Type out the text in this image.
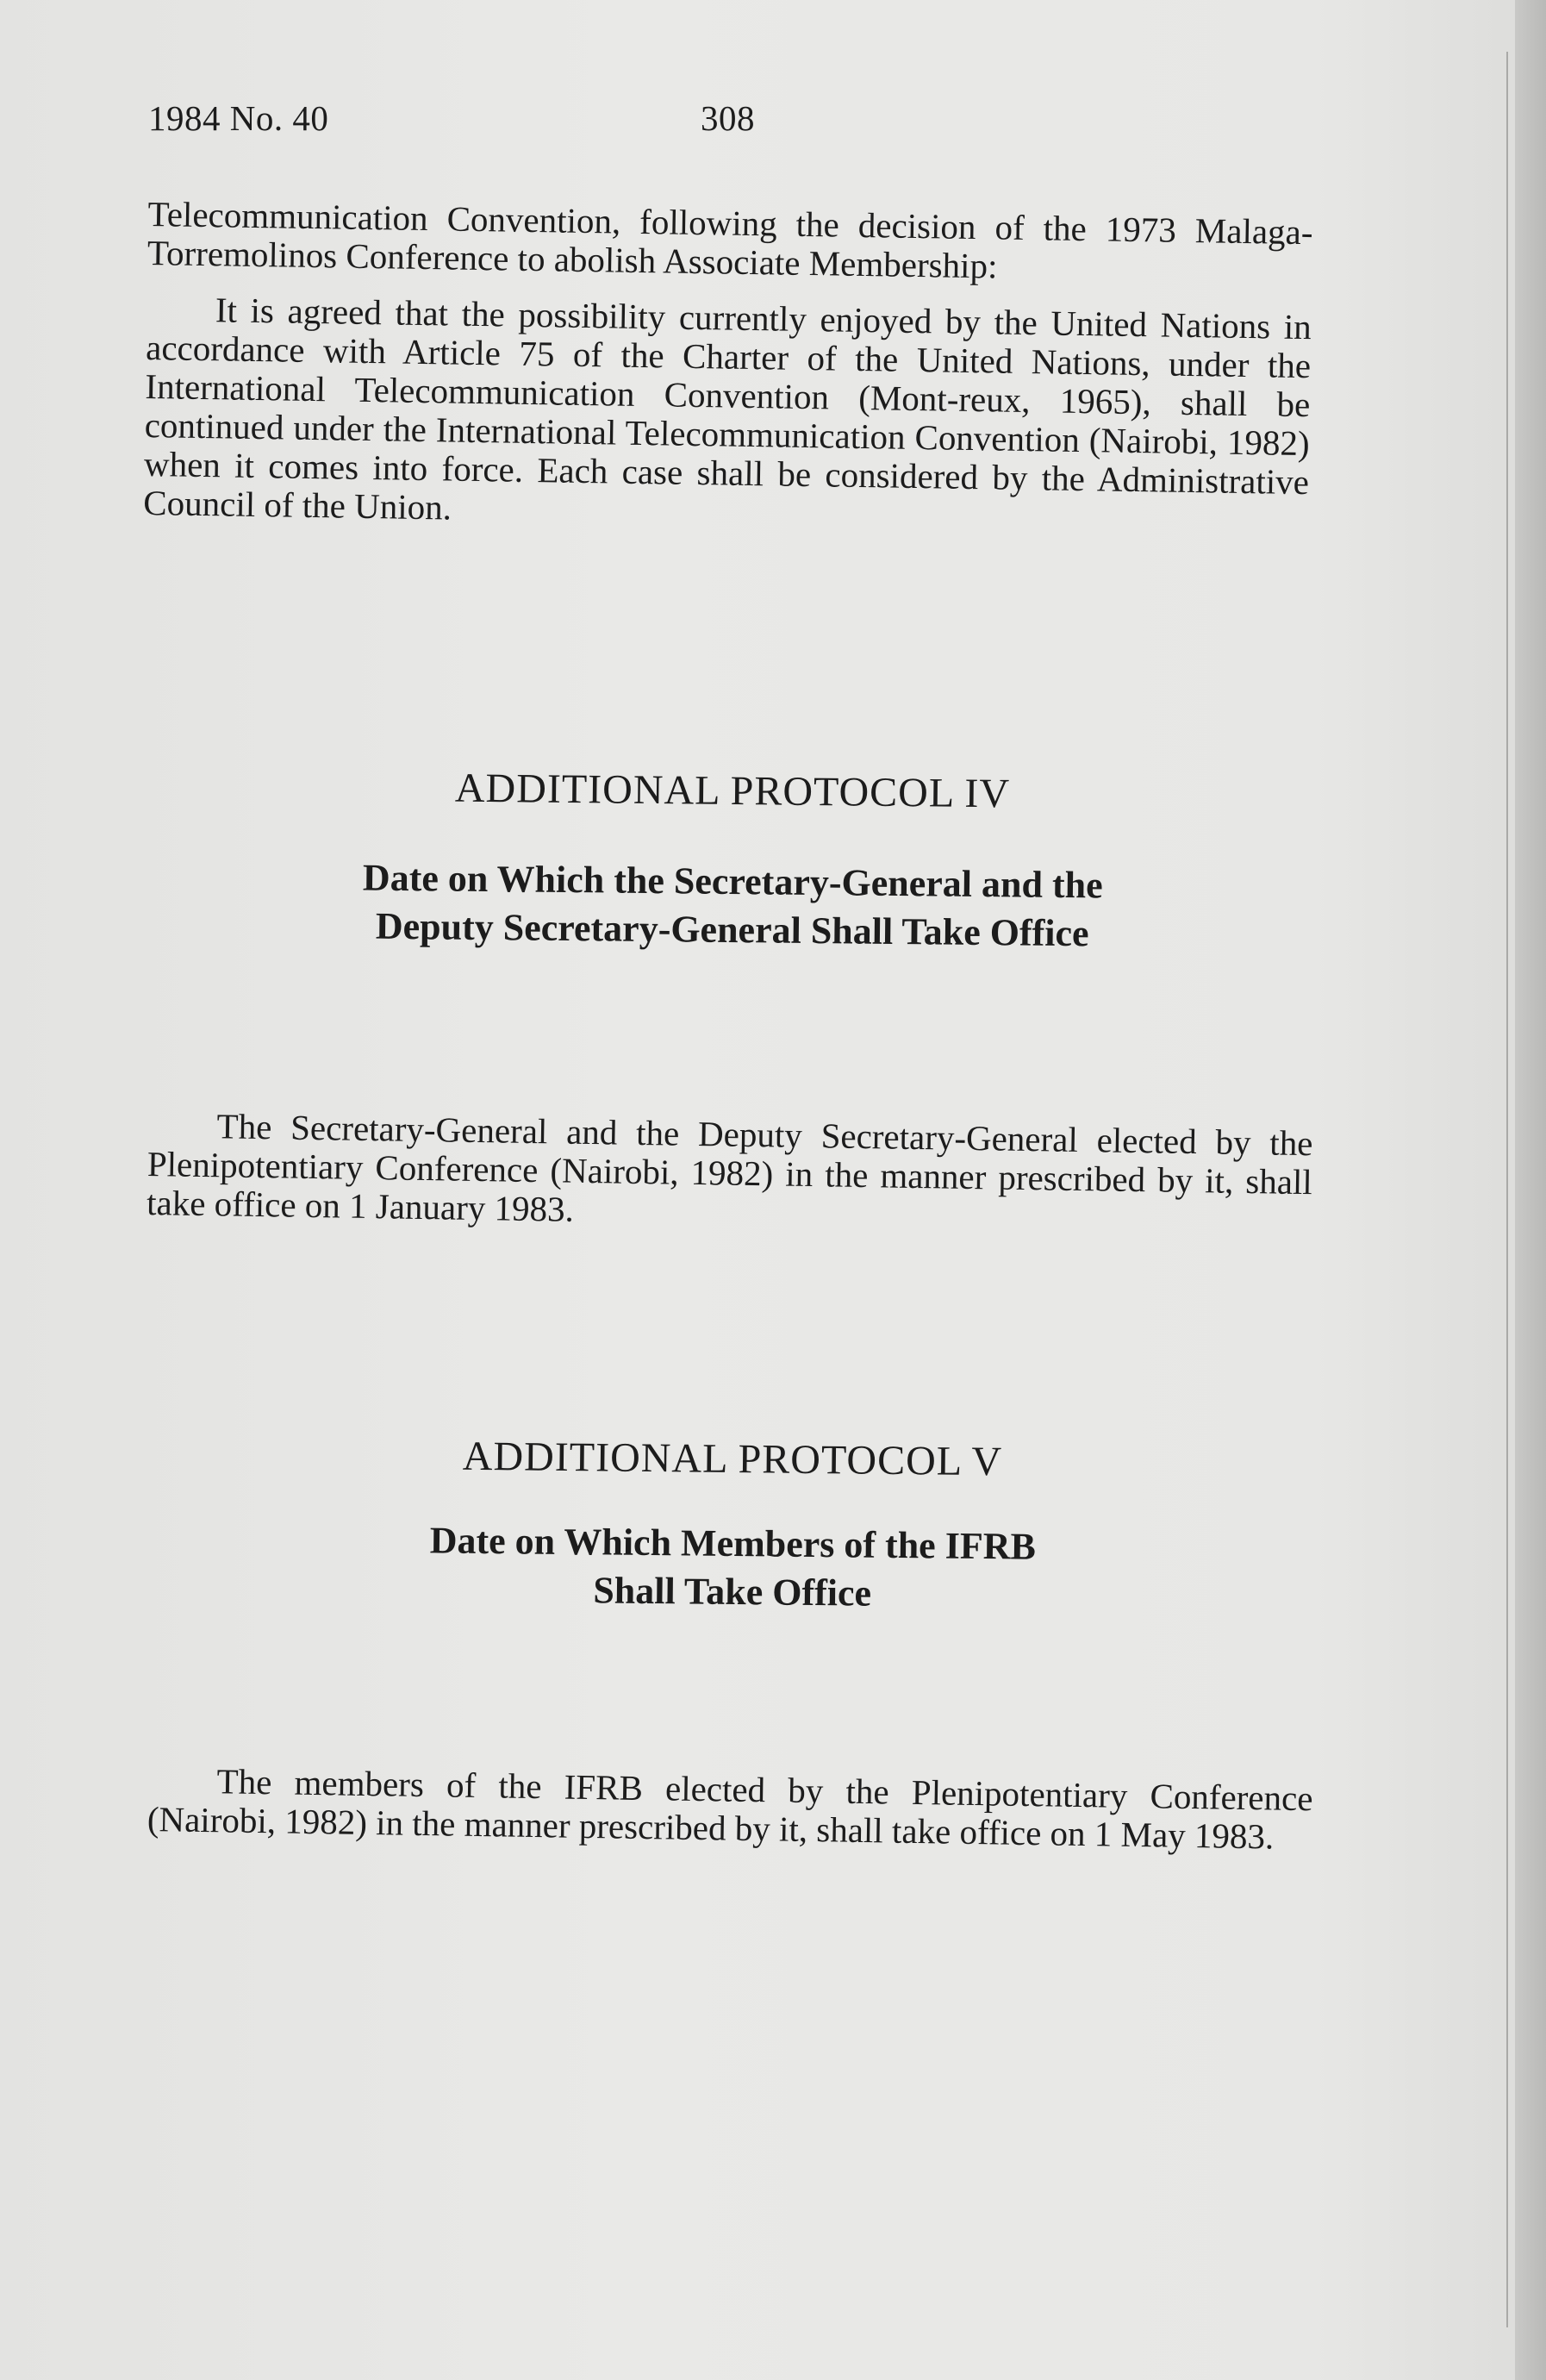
1984 No. 40	308

Telecommunication Convention, following the decision of the 1973 Malaga-Torremolinos Conference to abolish Associate Membership:

It is agreed that the possibility currently enjoyed by the United Nations in accordance with Article 75 of the Charter of the United Nations, under the International Telecommunication Convention (Mont-reux, 1965), shall be continued under the International Telecommunication Convention (Nairobi, 1982) when it comes into force. Each case shall be considered by the Administrative Council of the Union.

ADDITIONAL PROTOCOL IV
Date on Which the Secretary-General and the
Deputy Secretary-General Shall Take Office
The Secretary-General and the Deputy Secretary-General elected by the Plenipotentiary Conference (Nairobi, 1982) in the manner prescribed by it, shall take office on 1 January 1983.
ADDITIONAL PROTOCOL V
Date on Which Members of the IFRB
Shall Take Office
The members of the IFRB elected by the Plenipotentiary Conference (Nairobi, 1982) in the manner prescribed by it, shall take office on 1 May 1983.
